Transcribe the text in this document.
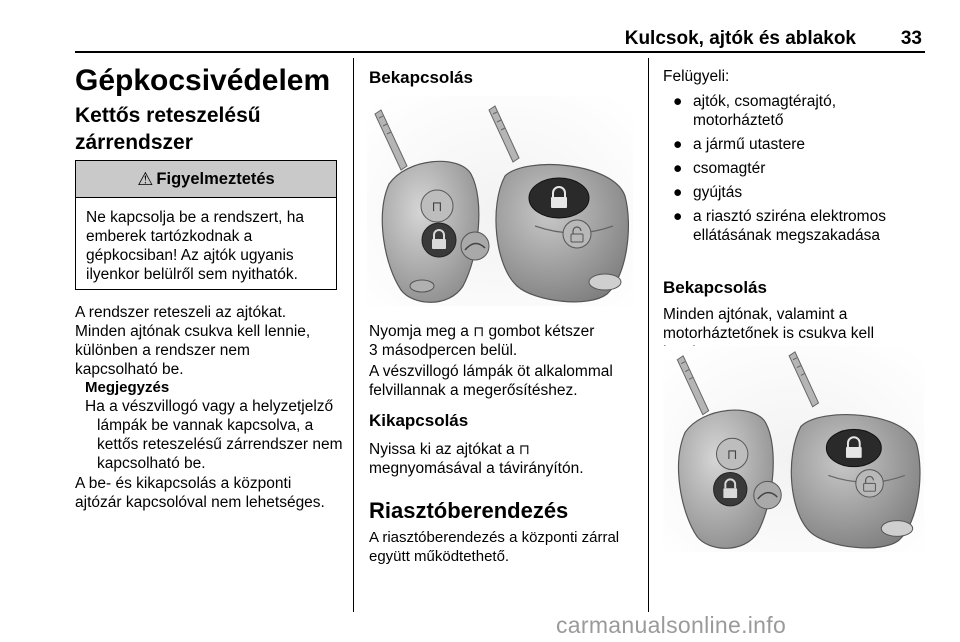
Kulcsok, ajtók és ablakok	33
Gépkocsivédelem
Kettős reteszelésű
zárrendszer
⚠ Figyelmeztetés
Ne kapcsolja be a rendszert, ha
emberek tartózkodnak a
gépkocsiban! Az ajtók ugyanis
ilyenkor belülről sem nyithatók.
A rendszer reteszeli az ajtókat.
Minden ajtónak csukva kell lennie,
különben a rendszer nem
kapcsolható be.
Megjegyzés
Ha a vészvillogó vagy a helyzetjelző
lámpák be vannak kapcsolva, a
kettős reteszelésű zárrendszer nem
kapcsolható be.
A be- és kikapcsolás a központi
ajtózár kapcsolóval nem lehetséges.
Bekapcsolás
⊓
Nyomja meg a ⊓ gombot kétszer
3 másodpercen belül.
A vészvillogó lámpák öt alkalommal
felvillannak a megerősítéshez.
Kikapcsolás
Nyissa ki az ajtókat a ⊓
megnyomásával a távirányítón.
Riasztóberendezés
A riasztóberendezés a központi zárral
együtt működtethető.
Felügyeli:
● ajtók, csomagtérajtó,
motorháztető
● a jármű utastere
● csomagtér
● gyújtás
● a riasztó sziréna elektromos
ellátásának megszakadása
Bekapcsolás
Minden ajtónak, valamint a
motorháztetőnek is csukva kell
⊓
carmanualsonline.info
